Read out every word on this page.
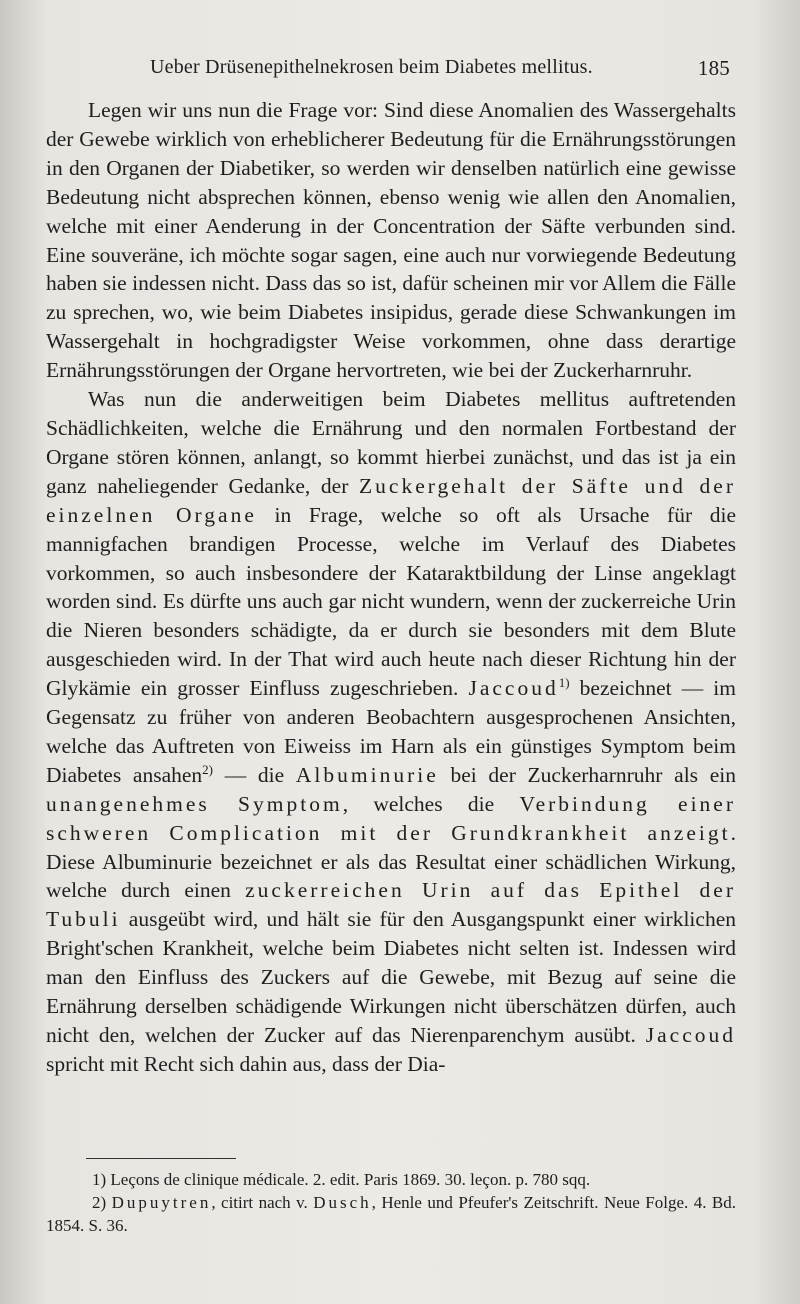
Ueber Drüsenepithelnekrosen beim Diabetes mellitus.	185

Legen wir uns nun die Frage vor: Sind diese Anomalien des Wassergehalts der Gewebe wirklich von erheblicherer Bedeutung für die Ernährungsstörungen in den Organen der Diabetiker, so werden wir denselben natürlich eine gewisse Bedeutung nicht absprechen können, ebenso wenig wie allen den Anomalien, welche mit einer Aenderung in der Concentration der Säfte verbunden sind. Eine souveräne, ich möchte sogar sagen, eine auch nur vorwiegende Bedeutung haben sie indessen nicht. Dass das so ist, dafür scheinen mir vor Allem die Fälle zu sprechen, wo, wie beim Diabetes insipidus, gerade diese Schwankungen im Wassergehalt in hochgradigster Weise vorkommen, ohne dass derartige Ernährungsstörungen der Organe hervortreten, wie bei der Zuckerharnruhr.

Was nun die anderweitigen beim Diabetes mellitus auftretenden Schädlichkeiten, welche die Ernährung und den normalen Fortbestand der Organe stören können, anlangt, so kommt hierbei zunächst, und das ist ja ein ganz naheliegender Gedanke, der Zuckergehalt der Säfte und der einzelnen Organe in Frage, welche so oft als Ursache für die mannigfachen brandigen Processe, welche im Verlauf des Diabetes vorkommen, so auch insbesondere der Kataraktbildung der Linse angeklagt worden sind. Es dürfte uns auch gar nicht wundern, wenn der zuckerreiche Urin die Nieren besonders schädigte, da er durch sie besonders mit dem Blute ausgeschieden wird. In der That wird auch heute nach dieser Richtung hin der Glykämie ein grosser Einfluss zugeschrieben. Jaccoud$^{1)}$ bezeichnet — im Gegensatz zu früher von anderen Beobachtern ausgesprochenen Ansichten, welche das Auftreten von Eiweiss im Harn als ein günstiges Symptom beim Diabetes ansahen$^{2)}$ — die Albuminurie bei der Zuckerharnruhr als ein unangenehmes Symptom, welches die Verbindung einer schweren Complication mit der Grundkrankheit anzeigt. Diese Albuminurie bezeichnet er als das Resultat einer schädlichen Wirkung, welche durch einen zuckerreichen Urin auf das Epithel der Tubuli ausgeübt wird, und hält sie für den Ausgangspunkt einer wirklichen Bright'schen Krankheit, welche beim Diabetes nicht selten ist. Indessen wird man den Einfluss des Zuckers auf die Gewebe, mit Bezug auf seine die Ernährung derselben schädigende Wirkungen nicht überschätzen dürfen, auch nicht den, welchen der Zucker auf das Nierenparenchym ausübt. Jaccoud spricht mit Recht sich dahin aus, dass der Dia-

1) Leçons de clinique médicale. 2. edit. Paris 1869. 30. leçon. p. 780 sqq.

2) Dupuytren, citirt nach v. Dusch, Henle und Pfeufer's Zeitschrift. Neue Folge. 4. Bd. 1854. S. 36.
